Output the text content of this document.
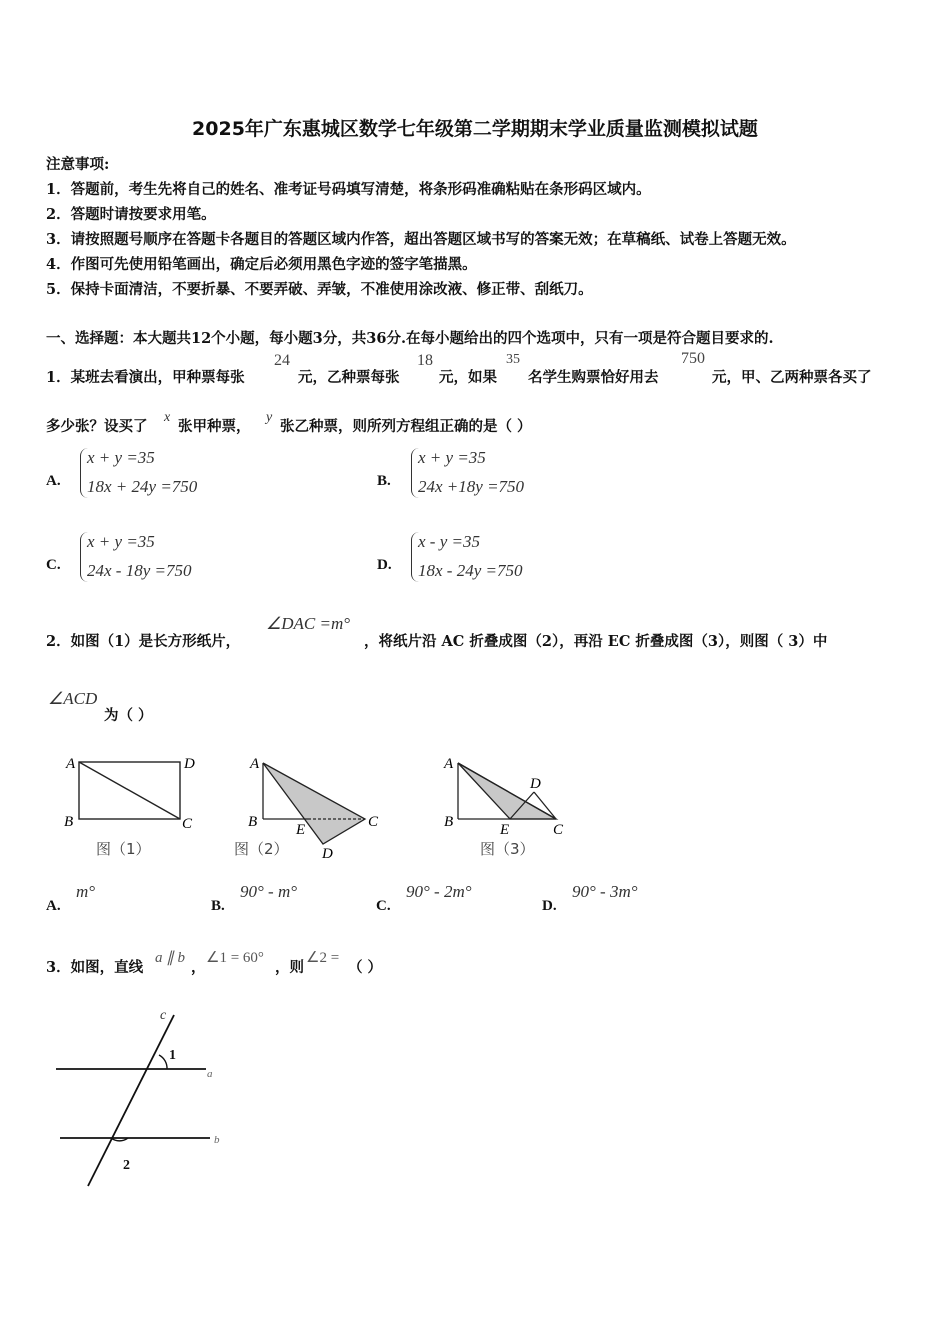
2025年广东惠城区数学七年级第二学期期末学业质量监测模拟试题
注意事项:
1．答题前，考生先将自己的姓名、准考证号码填写清楚，将条形码准确粘贴在条形码区域内。
2．答题时请按要求用笔。
3．请按照题号顺序在答题卡各题目的答题区域内作答，超出答题区域书写的答案无效；在草稿纸、试卷上答题无效。
4．作图可先使用铅笔画出，确定后必须用黑色字迹的签字笔描黑。
5．保持卡面清洁，不要折暴、不要弄破、弄皱，不准使用涂改液、修正带、刮纸刀。
一、选择题：本大题共12个小题，每小题3分，共36分.在每小题给出的四个选项中，只有一项是符合题目要求的.
1．某班去看演出，甲种票每张
24
元，乙种票每张
18
元，如果
35
名学生购票恰好用去
750
元，甲、乙两种票各买了
多少张？设买了
x
张甲种票，
y
张乙种票，则所列方程组正确的是（ ）
A.
x + y =35
18x + 24y =750	B.
x + y =35
24x +18y =750
C.
x + y =35
24x - 18y =750	D.
x - y =35
18x - 24y =750
2．如图（1）是长方形纸片，
∠DAC =m°
，将纸片沿 AC 折叠成图（2），再沿 EC 折叠成图（3），则图（ 3）中
∠ACD
为（ ）
A	D
B	C
图（1）
A
B	E	C
D
图（2）
A
B	E	C
D
图（3）
A.
m°
B.
90° - m°
C.
90° - 2m°
D.
90° - 3m°
3．如图，直线
a ∥ b
，
∠1 = 60°
，则
∠2 =
（ ）
c
a
b
1
2
